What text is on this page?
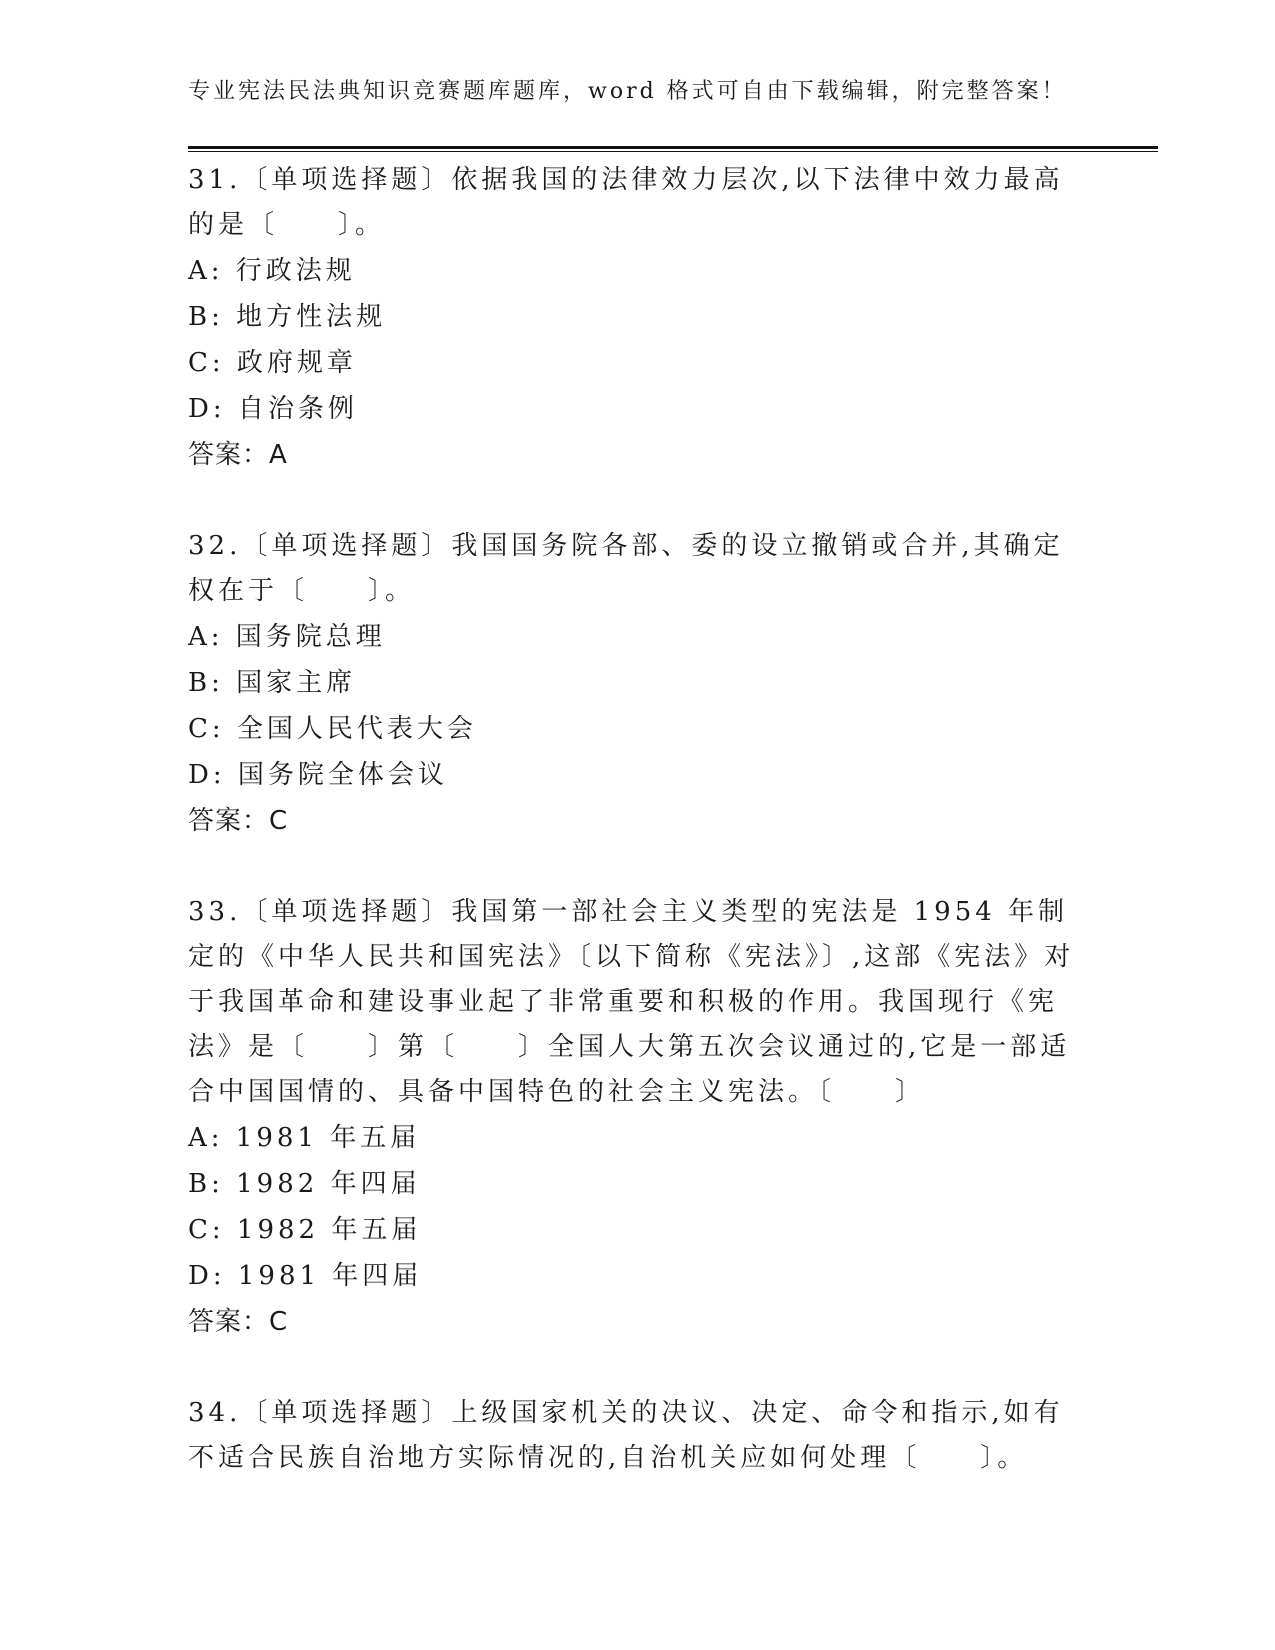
专业宪法民法典知识竞赛题库题库，word 格式可自由下载编辑，附完整答案！

31.〔单项选择题〕依据我国的法律效力层次,以下法律中效力最高的是〔　　〕。

A: 行政法规

B: 地方性法规

C: 政府规章

D: 自治条例

答案：A

32.〔单项选择题〕我国国务院各部、委的设立撤销或合并,其确定权在于〔　　〕。

A: 国务院总理

B: 国家主席

C: 全国人民代表大会

D: 国务院全体会议

答案：C

33.〔单项选择题〕我国第一部社会主义类型的宪法是 1954 年制定的《中华人民共和国宪法》〔以下简称《宪法》〕,这部《宪法》对于我国革命和建设事业起了非常重要和积极的作用。我国现行《宪法》是〔　　〕第〔　　〕全国人大第五次会议通过的,它是一部适合中国国情的、具备中国特色的社会主义宪法。〔　　〕

A: 1981 年五届

B: 1982 年四届

C: 1982 年五届

D: 1981 年四届

答案：C

34.〔单项选择题〕上级国家机关的决议、决定、命令和指示,如有不适合民族自治地方实际情况的,自治机关应如何处理〔　　〕。
